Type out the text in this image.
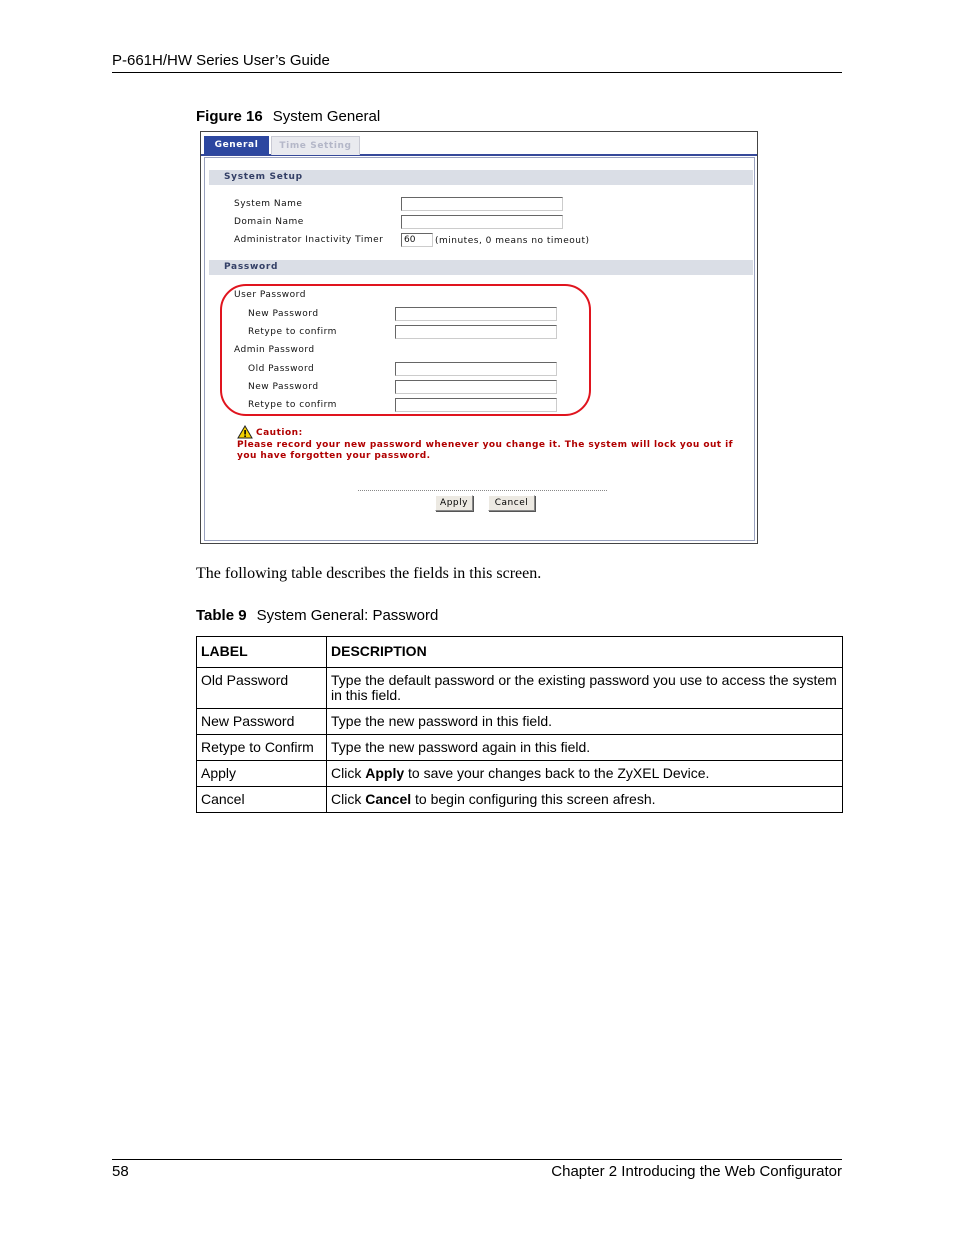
P-661H/HW Series User’s Guide
Figure 16 System General
General	Time Setting
System Setup
System Name
Domain Name
Administrator Inactivity Timer	60	(minutes, 0 means no timeout)
Password
User Password
New Password
Retype to confirm
Admin Password
Old Password
New Password
Retype to confirm
Caution:
Please record your new password whenever you change it. The system will lock you out if you have forgotten your password.
Apply	Cancel
The following table describes the fields in this screen.
Table 9 System General: Password
LABEL	DESCRIPTION
Old Password	Type the default password or the existing password you use to access the system in this field.
New Password	Type the new password in this field.
Retype to Confirm	Type the new password again in this field.
Apply	Click Apply to save your changes back to the ZyXEL Device.
Cancel	Click Cancel to begin configuring this screen afresh.
58	Chapter 2 Introducing the Web Configurator
